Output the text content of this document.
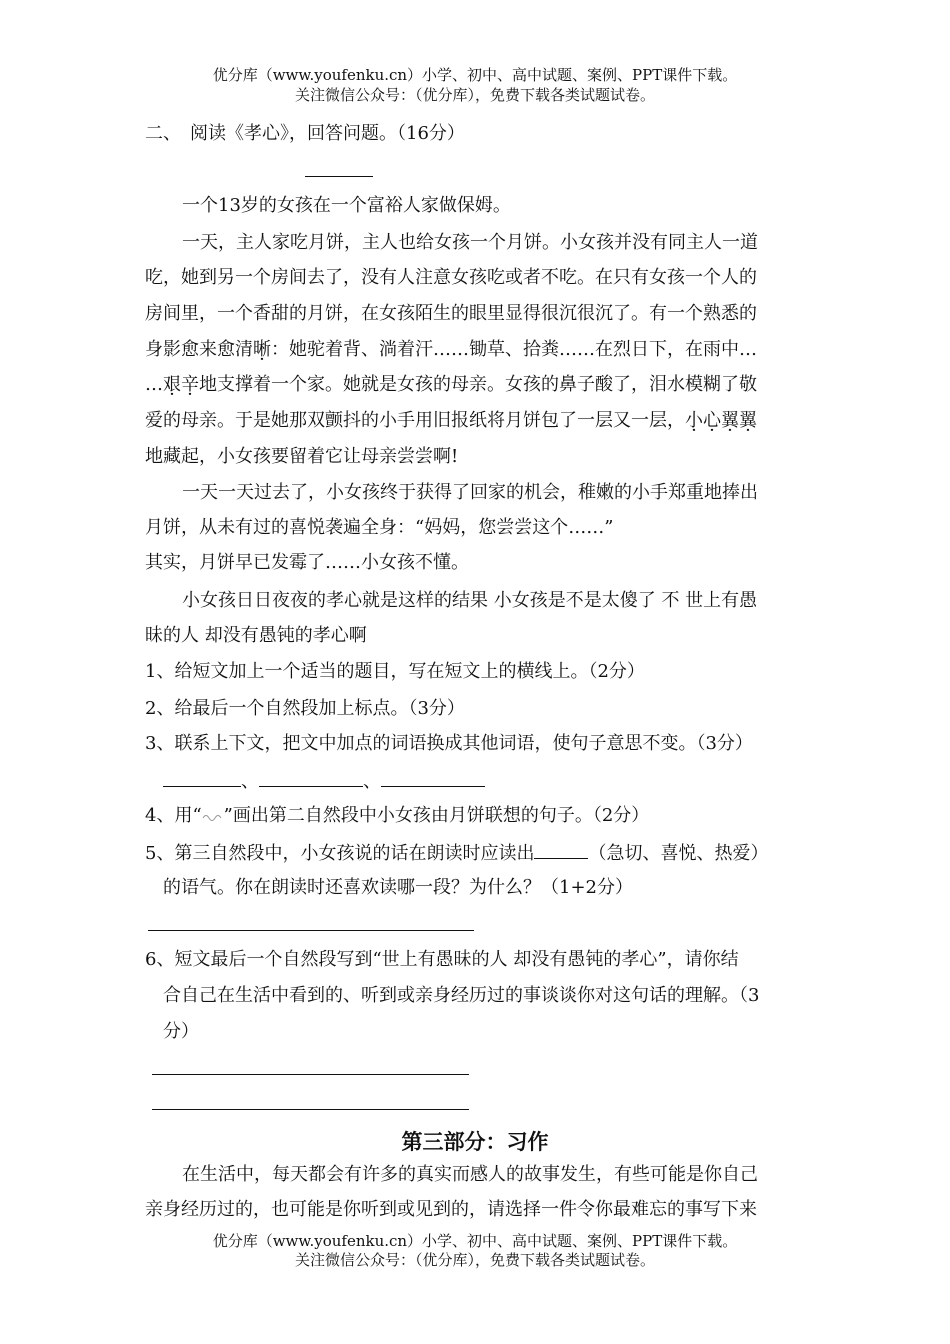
优分库（www.youfenku.cn）小学、初中、高中试题、案例、PPT课件下载。
关注微信公众号：（优分库），免费下载各类试题试卷。
二、　阅读《孝心》，回答问题。（16分）
一个13岁的女孩在一个富裕人家做保姆。
一天，主人家吃月饼，主人也给女孩一个月饼。小女孩并没有同主人一道
吃，她到另一个房间去了，没有人注意女孩吃或者不吃。在只有女孩一个人的
房间里，一个香甜的月饼，在女孩陌生的眼里显得很沉很沉了。有一个熟悉的
身影愈来愈清晰：她驼着背、淌着汗……锄草、拾粪……在烈日下，在雨中…
…艰辛地支撑着一个家。她就是女孩的母亲。女孩的鼻子酸了，泪水模糊了敬
爱的母亲。于是她那双颤抖的小手用旧报纸将月饼包了一层又一层，小心翼翼
地藏起，小女孩要留着它让母亲尝尝啊!
一天一天过去了，小女孩终于获得了回家的机会，稚嫩的小手郑重地捧出
月饼，从未有过的喜悦袭遍全身：“妈妈，您尝尝这个……”
其实，月饼早已发霉了……小女孩不懂。
小女孩日日夜夜的孝心就是这样的结果 小女孩是不是太傻了 不 世上有愚
昧的人 却没有愚钝的孝心啊
1、给短文加上一个适当的题目，写在短文上的横线上。（2分）
2、给最后一个自然段加上标点。（3分）
3、联系上下文，把文中加点的词语换成其他词语，使句子意思不变。（3分）
、	、
4、用“ ”画出第二自然段中小女孩由月饼联想的句子。（2分）
5、第三自然段中，小女孩说的话在朗读时应读出	（急切、喜悦、热爱）
的语气。你在朗读时还喜欢读哪一段？为什么？（1+2分）
6、短文最后一个自然段写到“世上有愚昧的人 却没有愚钝的孝心”，请你结
合自己在生活中看到的、听到或亲身经历过的事谈谈你对这句话的理解。（3
分）
第三部分：习作
在生活中，每天都会有许多的真实而感人的故事发生，有些可能是你自己
亲身经历过的，也可能是你听到或见到的，请选择一件令你最难忘的事写下来
优分库（www.youfenku.cn）小学、初中、高中试题、案例、PPT课件下载。
关注微信公众号：（优分库），免费下载各类试题试卷。
